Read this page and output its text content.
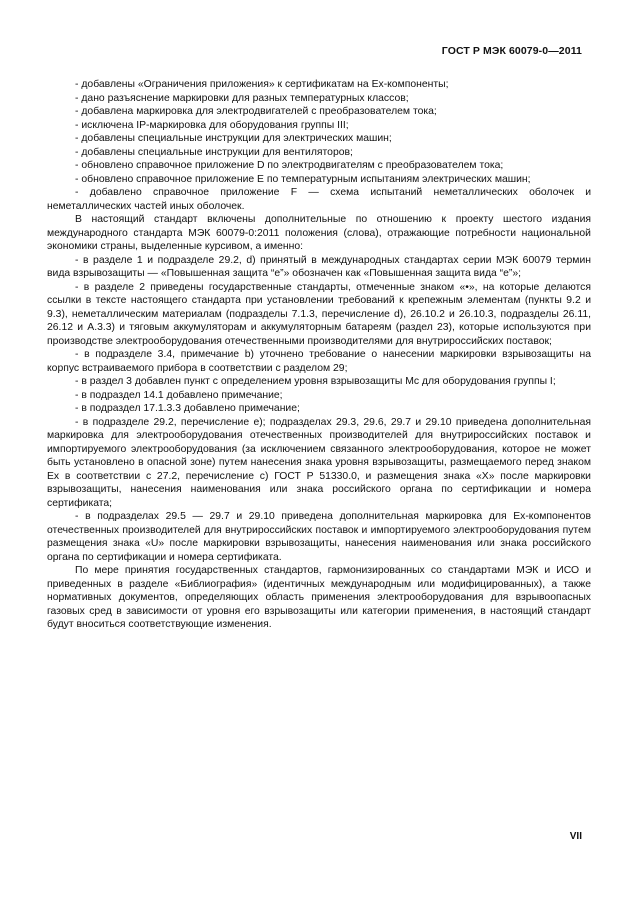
ГОСТ Р МЭК 60079-0—2011

- добавлены «Ограничения приложения» к сертификатам на Ex-компоненты;

- дано разъяснение маркировки для разных температурных классов;

- добавлена маркировка для электродвигателей с преобразователем тока;

- исключена IP-маркировка для оборудования группы III;

- добавлены специальные инструкции для электрических машин;

- добавлены специальные инструкции для вентиляторов;

- обновлено справочное приложение D по электродвигателям с преобразователем тока;

- обновлено справочное приложение E по температурным испытаниям электрических машин;

- добавлено справочное приложение F — схема испытаний неметаллических оболочек и неметаллических частей иных оболочек.

В настоящий стандарт включены дополнительные по отношению к проекту шестого издания международного стандарта МЭК 60079-0:2011 положения (слова), отражающие потребности национальной экономики страны, выделенные курсивом, а именно:

- в разделе 1 и подразделе 29.2, d) принятый в международных стандартах серии МЭК 60079 термин вида взрывозащиты — «Повышенная защита “e”» обозначен как «Повышенная защита вида “e”»;

- в разделе 2 приведены государственные стандарты, отмеченные знаком «•», на которые делаются ссылки в тексте настоящего стандарта при установлении требований к крепежным элементам (пункты 9.2 и 9.3), неметаллическим материалам (подразделы 7.1.3, перечисление d), 26.10.2 и 26.10.3, подразделы 26.11, 26.12 и А.3.3) и тяговым аккумуляторам и аккумуляторным батареям (раздел 23), которые используются при производстве электрооборудования отечественными производителями для внутрироссийских поставок;

- в подразделе 3.4, примечание b) уточнено требование о нанесении маркировки взрывозащиты на корпус встраиваемого прибора в соответствии с разделом 29;

- в раздел 3 добавлен пункт с определением уровня взрывозащиты Mc для оборудования группы I;

- в подраздел 14.1 добавлено примечание;

- в подраздел 17.1.3.3 добавлено примечание;

- в подразделе 29.2, перечисление e); подразделах 29.3, 29.6, 29.7 и 29.10 приведена дополнительная маркировка для электрооборудования отечественных производителей для внутрироссийских поставок и импортируемого электрооборудования (за исключением связанного электрооборудования, которое не может быть установлено в опасной зоне) путем нанесения знака уровня взрывозащиты, размещаемого перед знаком Ex в соответствии с 27.2, перечисление с) ГОСТ Р 51330.0, и размещения знака «X» после маркировки взрывозащиты, нанесения наименования или знака российского органа по сертификации и номера сертификата;

- в подразделах 29.5 — 29.7 и 29.10 приведена дополнительная маркировка для Ex-компонентов отечественных производителей для внутрироссийских поставок и импортируемого электрооборудования путем размещения знака «U» после маркировки взрывозащиты, нанесения наименования или знака российского органа по сертификации и номера сертификата.

По мере принятия государственных стандартов, гармонизированных со стандартами МЭК и ИСО и приведенных в разделе «Библиография» (идентичных международным или модифицированных), а также нормативных документов, определяющих область применения электрооборудования для взрывоопасных газовых сред в зависимости от уровня его взрывозащиты или категории применения, в настоящий стандарт будут вноситься соответствующие изменения.

VII
